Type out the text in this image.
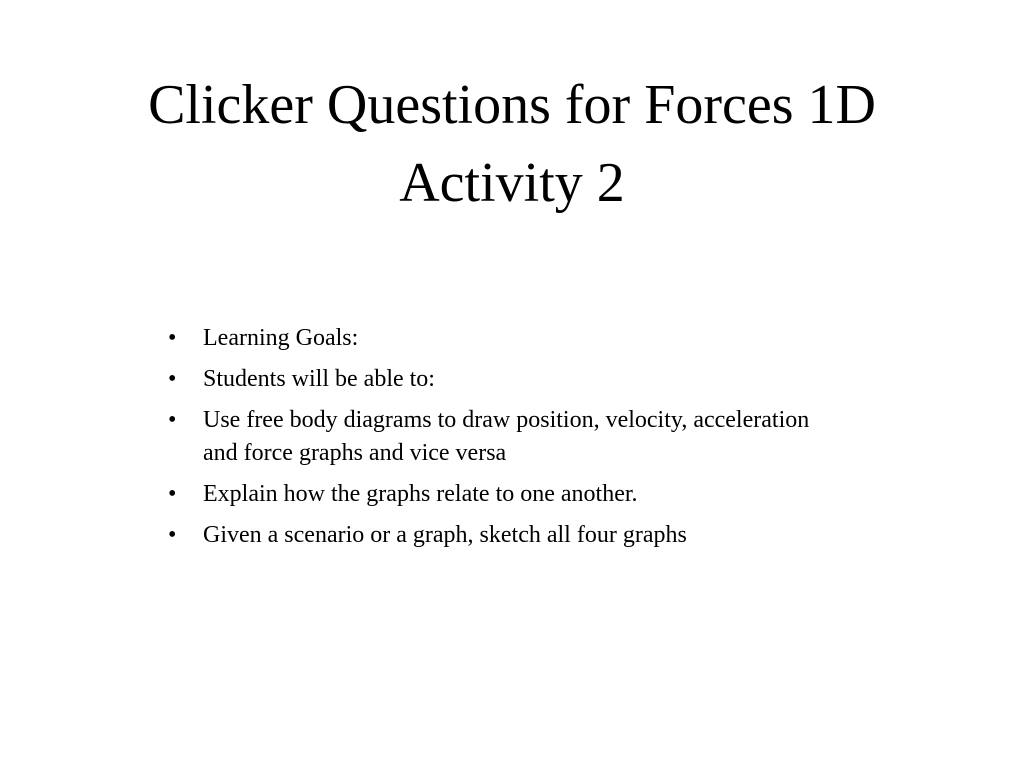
Clicker Questions for Forces 1D
Activity 2
• Learning Goals:
• Students will be able to:
• Use free body diagrams to draw position, velocity, acceleration and force graphs and vice versa
• Explain how the graphs relate to one another.
• Given a scenario or a graph, sketch all four graphs
